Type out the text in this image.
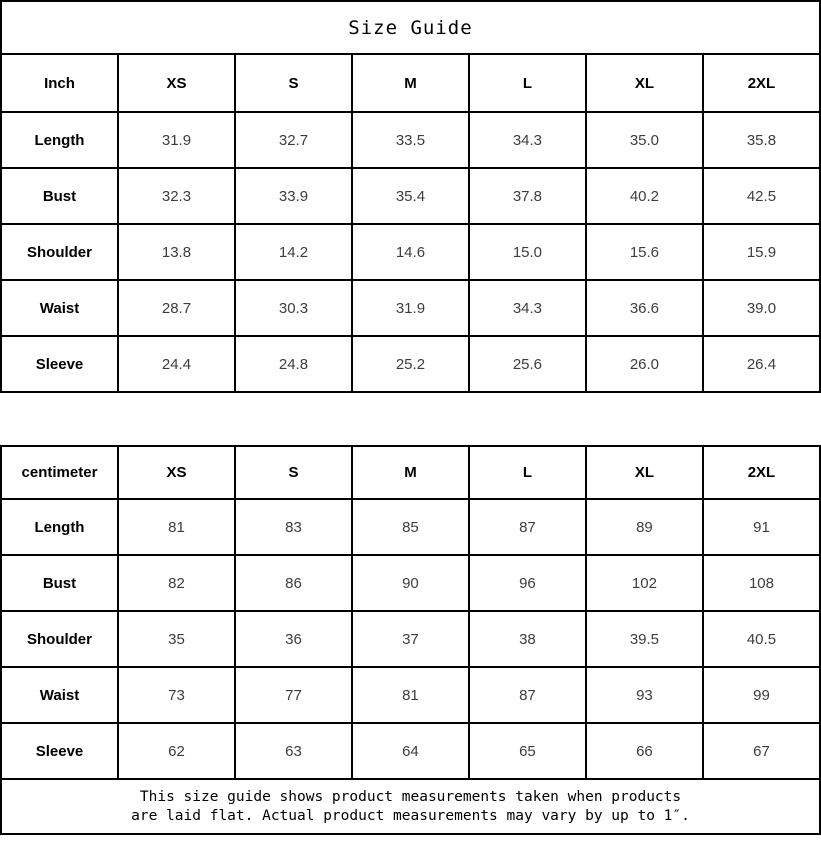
Size Guide						
Inch	XS	S	M	L	XL	2XL
Length	31.9	32.7	33.5	34.3	35.0	35.8
Bust	32.3	33.9	35.4	37.8	40.2	42.5
Shoulder	13.8	14.2	14.6	15.0	15.6	15.9
Waist	28.7	30.3	31.9	34.3	36.6	39.0
Sleeve	24.4	24.8	25.2	25.6	26.0	26.4
centimeter	XS	S	M	L	XL	2XL
Length	81	83	85	87	89	91
Bust	82	86	90	96	102	108
Shoulder	35	36	37	38	39.5	40.5
Waist	73	77	81	87	93	99
Sleeve	62	63	64	65	66	67

This size guide shows product measurements taken when products
are laid flat. Actual product measurements may vary by up to 1″.						
